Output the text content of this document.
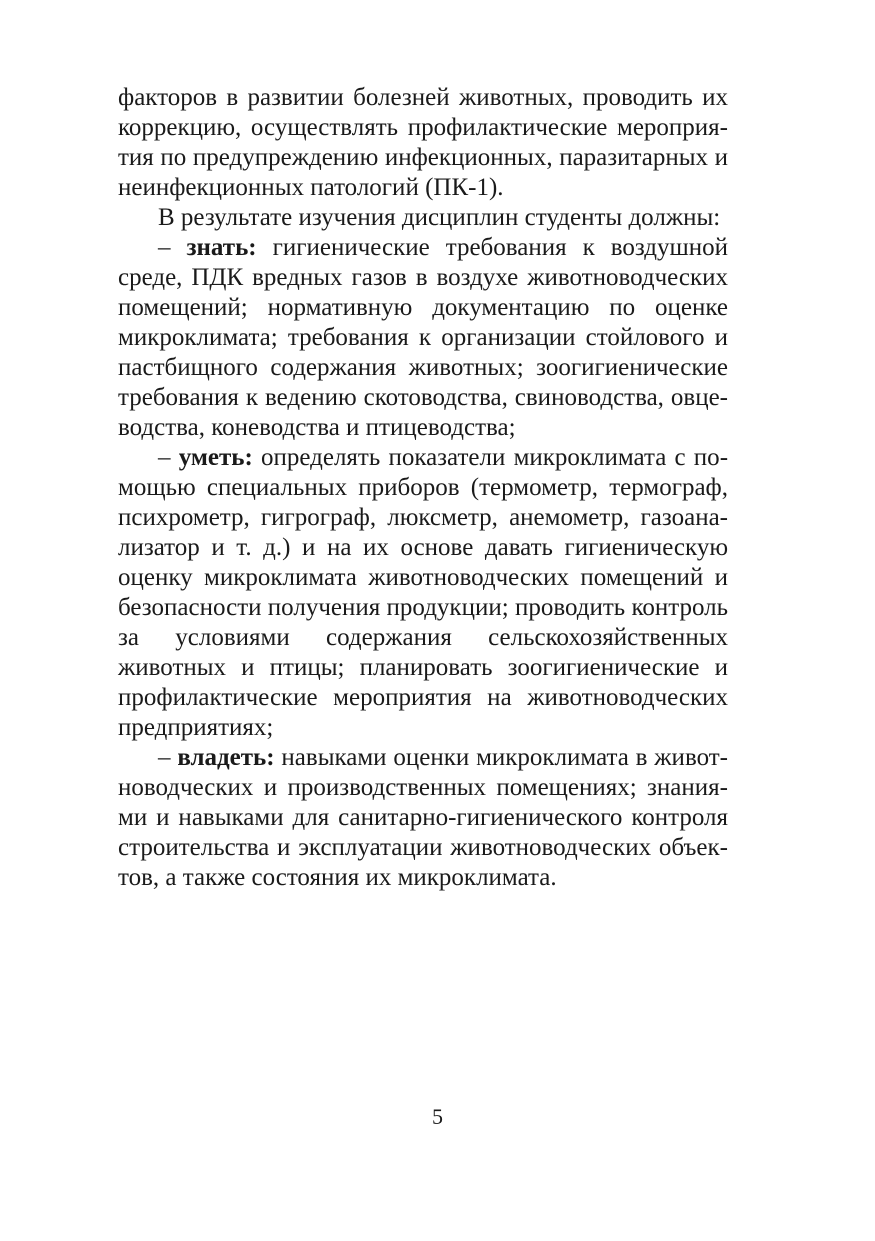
факторов в развитии болезней животных, проводить их коррекцию, осуществлять профилактические мероприятия по предупреждению инфекционных, паразитарных и неинфекционных патологий (ПК-1).

В результате изучения дисциплин студенты должны:

– знать: гигиенические требования к воздушной среде, ПДК вредных газов в воздухе животноводческих помещений; нормативную документацию по оценке микроклимата; требования к организации стойлового и пастбищного содержания животных; зоогигиенические требования к ведению скотоводства, свиноводства, овцеводства, коневодства и птицеводства;

– уметь: определять показатели микроклимата с помощью специальных приборов (термометр, термограф, психрометр, гигрограф, люксметр, анемометр, газоанализатор и т. д.) и на их основе давать гигиеническую оценку микроклимата животноводческих помещений и безопасности получения продукции; проводить контроль за условиями содержания сельскохозяйственных животных и птицы; планировать зоогигиенические и профилактические мероприятия на животноводческих предприятиях;

– владеть: навыками оценки микроклимата в животноводческих и производственных помещениях; знаниями и навыками для санитарно-гигиенического контроля строительства и эксплуатации животноводческих объектов, а также состояния их микроклимата.

5
